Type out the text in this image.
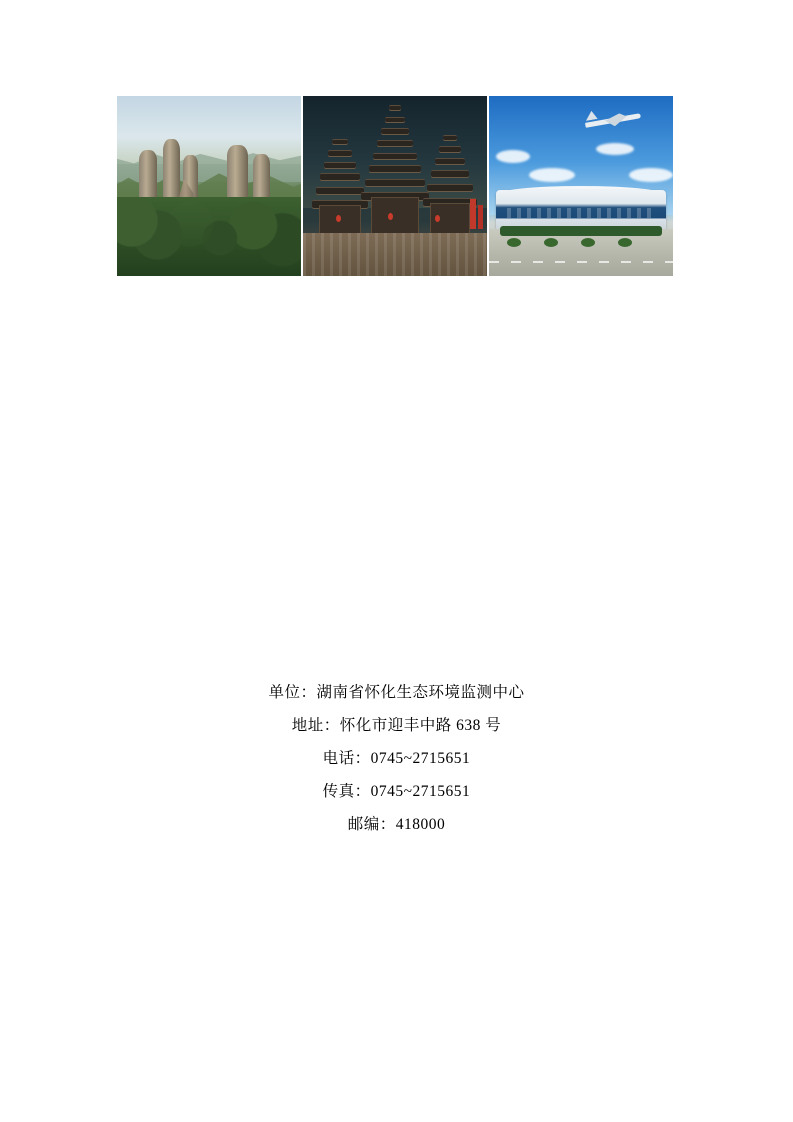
单位：湖南省怀化生态环境监测中心
地址：怀化市迎丰中路 638 号
电话：0745~2715651
传真：0745~2715651
邮编：418000
